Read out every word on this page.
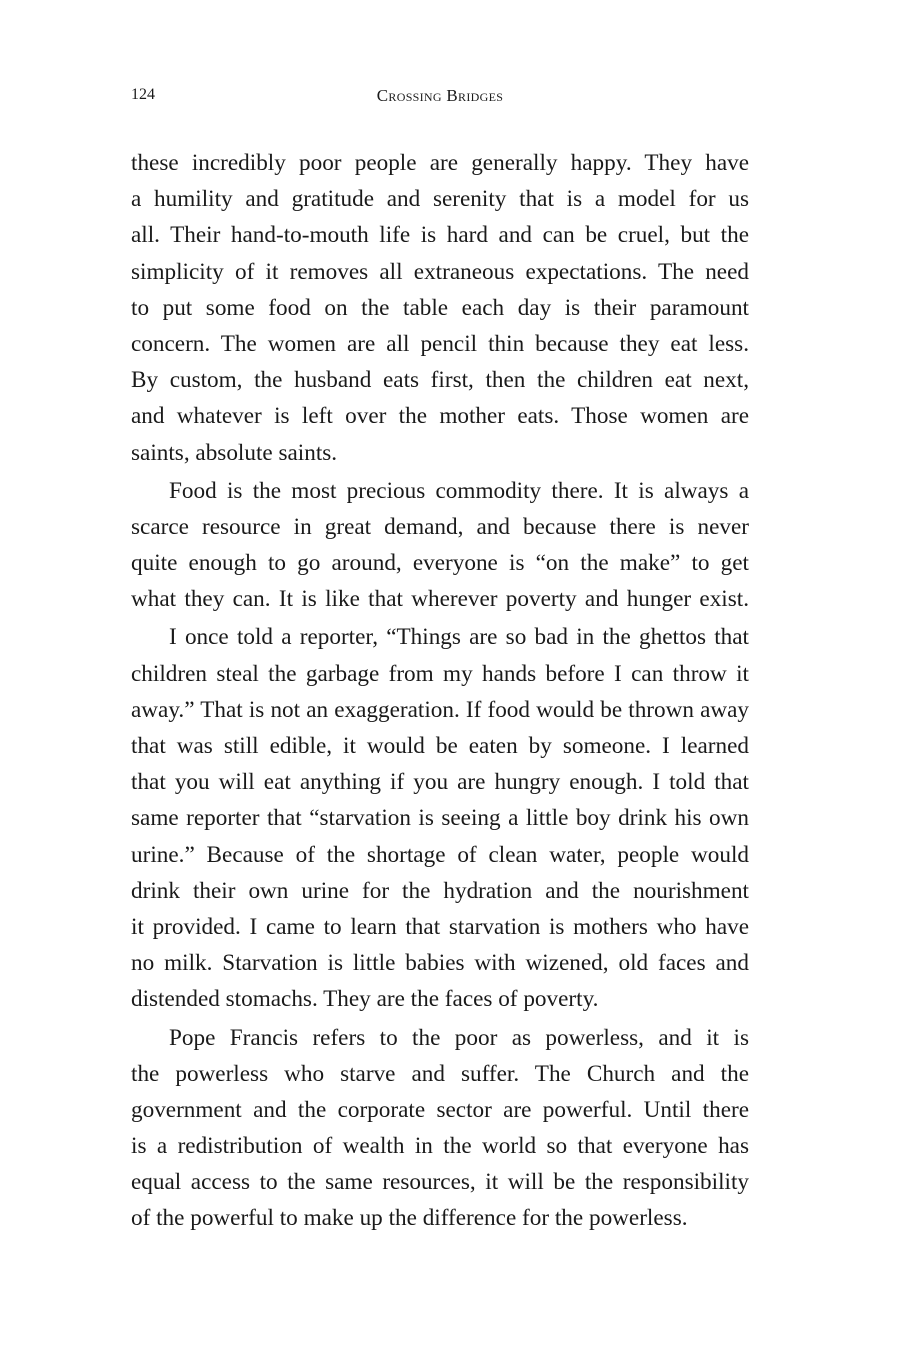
124	Crossing Bridges
these incredibly poor people are generally happy. They have
a humility and gratitude and serenity that is a model for us
all. Their hand-to-mouth life is hard and can be cruel, but the
simplicity of it removes all extraneous expectations. The need
to put some food on the table each day is their paramount
concern. The women are all pencil thin because they eat less.
By custom, the husband eats first, then the children eat next,
and whatever is left over the mother eats. Those women are
saints, absolute saints.
Food is the most precious commodity there. It is always a
scarce resource in great demand, and because there is never
quite enough to go around, everyone is “on the make” to get
what they can. It is like that wherever poverty and hunger exist.
I once told a reporter, “Things are so bad in the ghettos that
children steal the garbage from my hands before I can throw it
away.” That is not an exaggeration. If food would be thrown away
that was still edible, it would be eaten by someone. I learned
that you will eat anything if you are hungry enough. I told that
same reporter that “starvation is seeing a little boy drink his own
urine.” Because of the shortage of clean water, people would
drink their own urine for the hydration and the nourishment
it provided. I came to learn that starvation is mothers who have
no milk. Starvation is little babies with wizened, old faces and
distended stomachs. They are the faces of poverty.
Pope Francis refers to the poor as powerless, and it is
the powerless who starve and suffer. The Church and the
government and the corporate sector are powerful. Until there
is a redistribution of wealth in the world so that everyone has
equal access to the same resources, it will be the responsibility
of the powerful to make up the difference for the powerless.
